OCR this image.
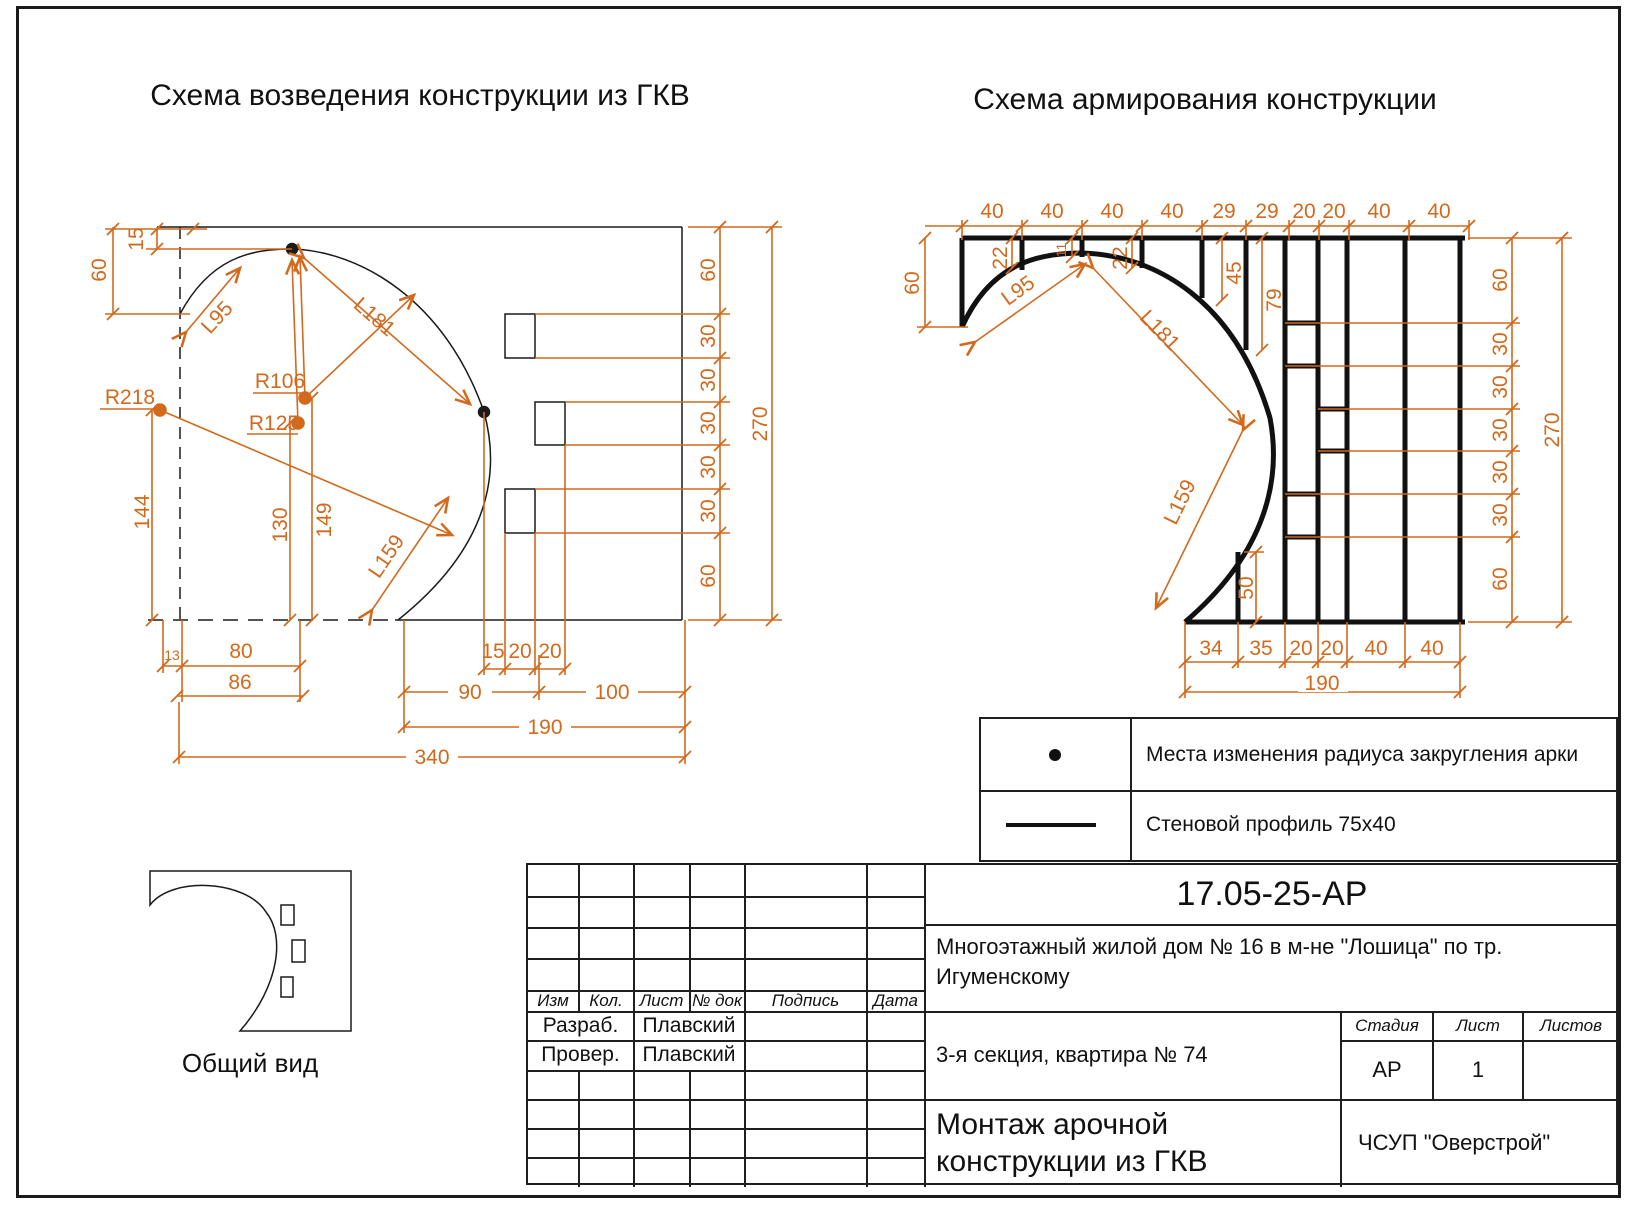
Схема возведения конструкции из ГКВ	Схема армирования конструкции
15
60
R218
R106
R125
L95	L181
L159
144	130 149
13 80
86
15 20 20
90	100
190
340
60
30
30
30
30
30
60
270
40 40 40 40 29 29 20 20 40 40
60
22	11 22
45
79
50
L95
L181
L159
60
30
30
30
30
30
60
270
34 35 20 20 40 40
190
Общий вид
Места изменения радиуса закругления арки
Стеновой профиль 75х40
Изм	Кол. Лист № док	Подпись	Дата
Разраб.	Плавский
Провер.	Плавский
17.05-25-АР
Многоэтажный жилой дом № 16 в м-не "Лошица" по тр. Игуменскому
3-я секция, квартира № 74
Стадия	Лист	Листов
АР	1
Монтаж арочной конструкции из ГКВ
ЧСУП "Оверстрой"
